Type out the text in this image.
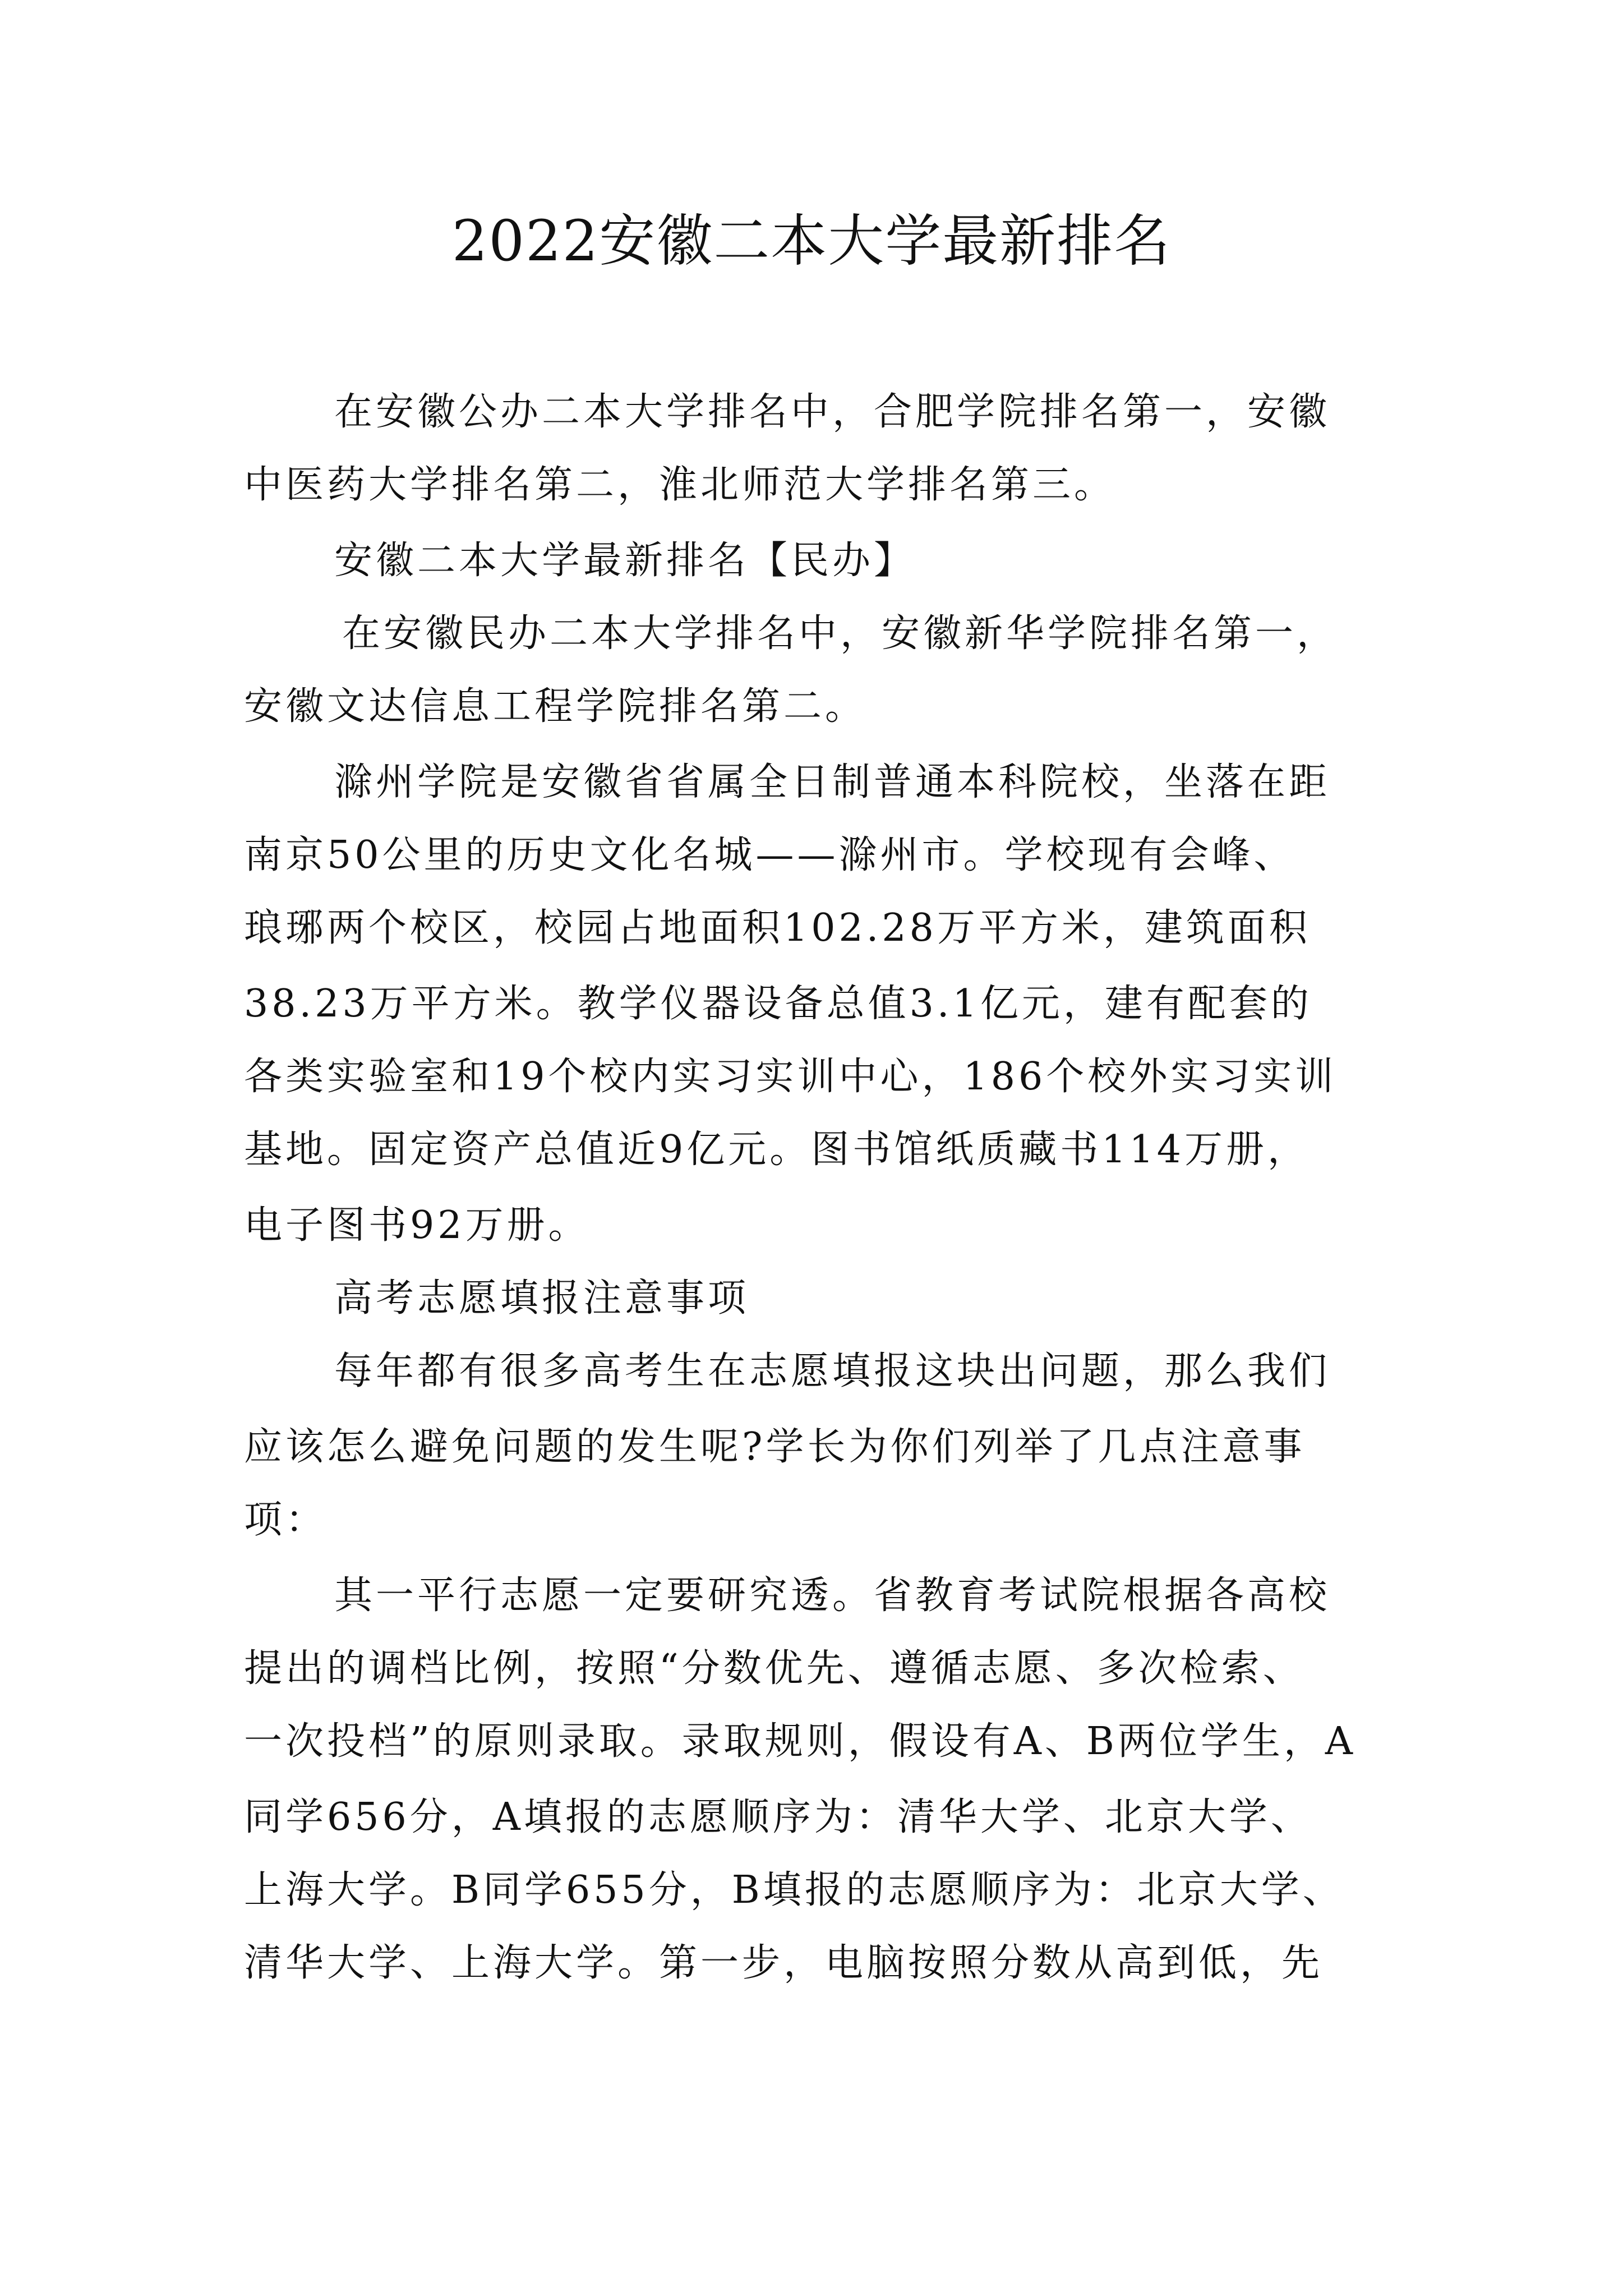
2022安徽二本大学最新排名

在安徽公办二本大学排名中，合肥学院排名第一，安徽

中医药大学排名第二，淮北师范大学排名第三。

安徽二本大学最新排名【民办】

在安徽民办二本大学排名中，安徽新华学院排名第一，

安徽文达信息工程学院排名第二。

滁州学院是安徽省省属全日制普通本科院校，坐落在距

南京50公里的历史文化名城——滁州市。学校现有会峰、

琅琊两个校区，校园占地面积102.28万平方米，建筑面积

38.23万平方米。教学仪器设备总值3.1亿元，建有配套的

各类实验室和19个校内实习实训中心，186个校外实习实训

基地。固定资产总值近9亿元。图书馆纸质藏书114万册，

电子图书92万册。

高考志愿填报注意事项

每年都有很多高考生在志愿填报这块出问题，那么我们

应该怎么避免问题的发生呢?学长为你们列举了几点注意事

项：

其一平行志愿一定要研究透。省教育考试院根据各高校

提出的调档比例，按照“分数优先、遵循志愿、多次检索、

一次投档”的原则录取。录取规则，假设有A、B两位学生，A

同学656分，A填报的志愿顺序为：清华大学、北京大学、

上海大学。B同学655分，B填报的志愿顺序为：北京大学、

清华大学、上海大学。第一步，电脑按照分数从高到低，先
